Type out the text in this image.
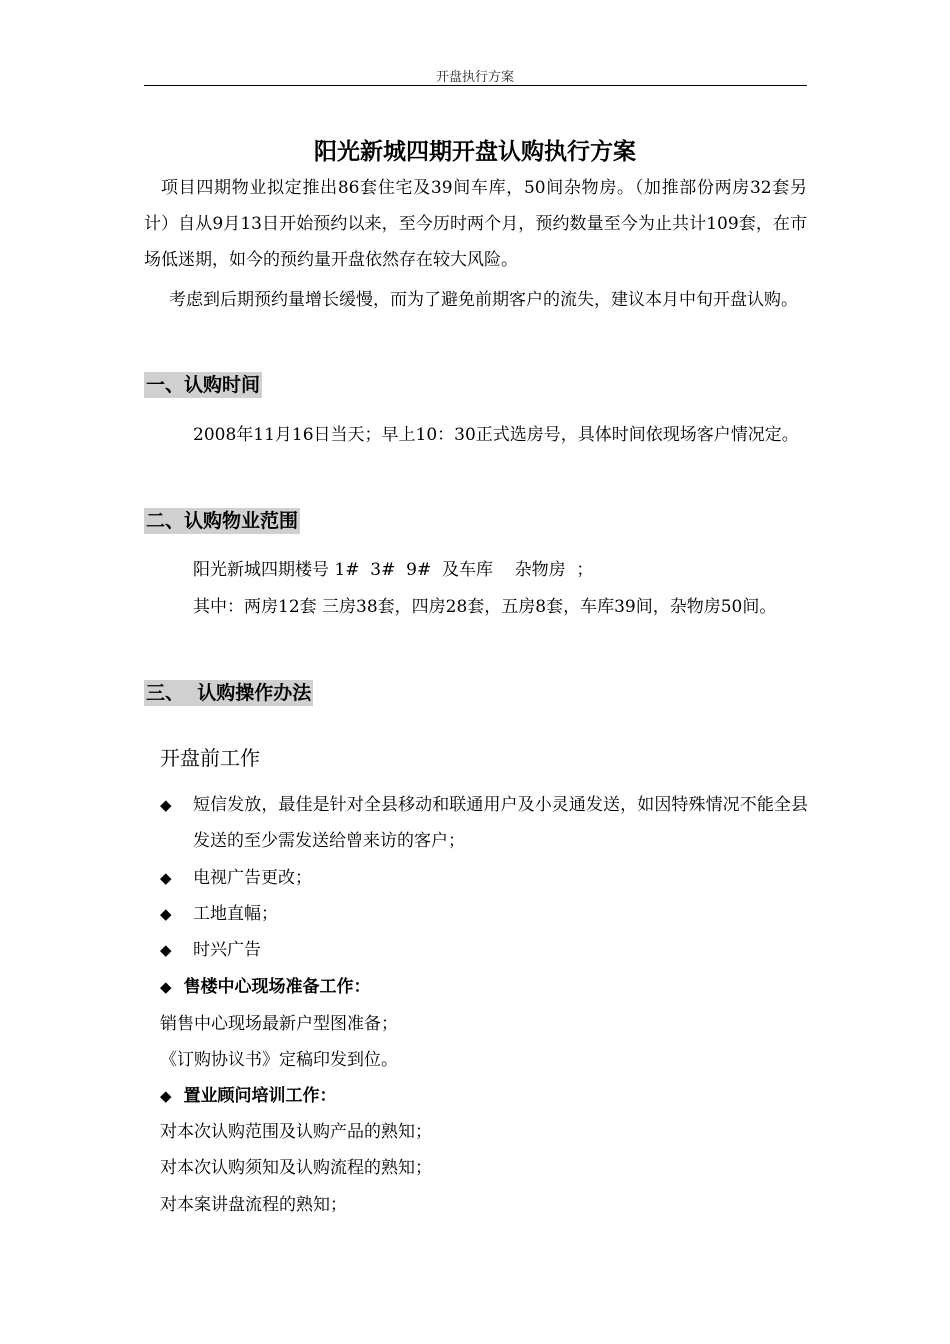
开盘执行方案
阳光新城四期开盘认购执行方案
项目四期物业拟定推出86套住宅及39间车库，50间杂物房。（加推部份两房32套另计）自从9月13日开始预约以来，至今历时两个月，预约数量至今为止共计109套，在市场低迷期，如今的预约量开盘依然存在较大风险。
考虑到后期预约量增长缓慢，而为了避免前期客户的流失，建议本月中旬开盘认购。
一、认购时间
2008年11月16日当天；早上10：30正式选房号，具体时间依现场客户情况定。
二、认购物业范围
阳光新城四期楼号 1#  3#  9#  及车库    杂物房  ；
其中：两房12套 三房38套，四房28套，五房8套，车库39间，杂物房50间。
三、  认购操作办法
开盘前工作
◆ 短信发放，最佳是针对全县移动和联通用户及小灵通发送，如因特殊情况不能全县发送的至少需发送给曾来访的客户；
◆ 电视广告更改；
◆ 工地直幅；
◆ 时兴广告
◆ 售楼中心现场准备工作：
销售中心现场最新户型图准备；
《订购协议书》定稿印发到位。
◆ 置业顾问培训工作：
对本次认购范围及认购产品的熟知；
对本次认购须知及认购流程的熟知；
对本案讲盘流程的熟知；
